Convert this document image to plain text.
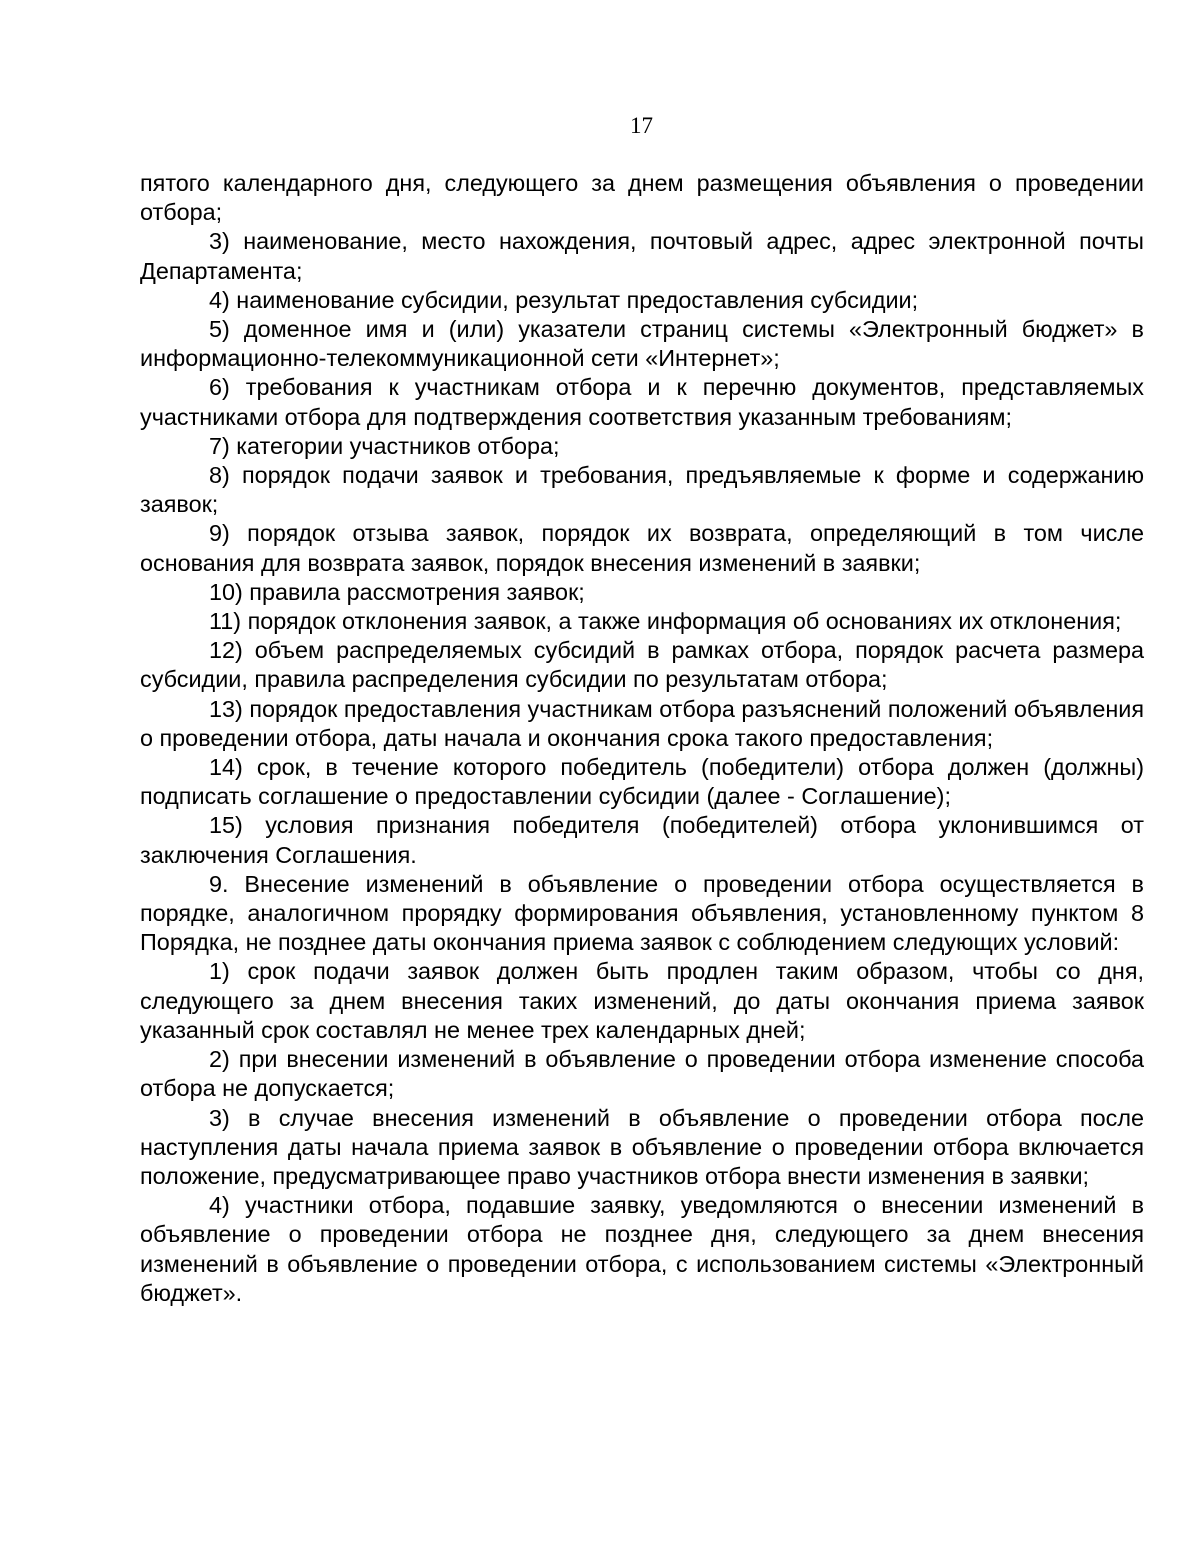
17

пятого календарного дня, следующего за днем размещения объявления о проведении отбора;

3) наименование, место нахождения, почтовый адрес, адрес электронной почты Департамента;

4) наименование субсидии, результат предоставления субсидии;

5) доменное имя и (или) указатели страниц системы «Электронный бюджет» в информационно-телекоммуникационной сети «Интернет»;

6) требования к участникам отбора и к перечню документов, представляемых участниками отбора для подтверждения соответствия указанным требованиям;

7) категории участников отбора;

8) порядок подачи заявок и требования, предъявляемые к форме и содержанию заявок;

9) порядок отзыва заявок, порядок их возврата, определяющий в том числе основания для возврата заявок, порядок внесения изменений в заявки;

10) правила рассмотрения заявок;

11) порядок отклонения заявок, а также информация об основаниях их отклонения;

12) объем распределяемых субсидий в рамках отбора, порядок расчета размера субсидии, правила распределения субсидии по результатам отбора;

13) порядок предоставления участникам отбора разъяснений положений объявления о проведении отбора, даты начала и окончания срока такого предоставления;

14) срок, в течение которого победитель (победители) отбора должен (должны) подписать соглашение о предоставлении субсидии (далее - Соглашение);

15) условия признания победителя (победителей) отбора уклонившимся от заключения Соглашения.

9. Внесение изменений в объявление о проведении отбора осуществляется в порядке, аналогичном прорядку формирования объявления, установленному пунктом 8 Порядка, не позднее даты окончания приема заявок с соблюдением следующих условий:

1) срок подачи заявок должен быть продлен таким образом, чтобы со дня, следующего за днем внесения таких изменений, до даты окончания приема заявок указанный срок составлял не менее трех календарных дней;

2) при внесении изменений в объявление о проведении отбора изменение способа отбора не допускается;

3) в случае внесения изменений в объявление о проведении отбора после наступления даты начала приема заявок в объявление о проведении отбора включается положение, предусматривающее право участников отбора внести изменения в заявки;

4) участники отбора, подавшие заявку, уведомляются о внесении изменений в объявление о проведении отбора не позднее дня, следующего за днем внесения изменений в объявление о проведении отбора, с использованием системы «Электронный бюджет».
